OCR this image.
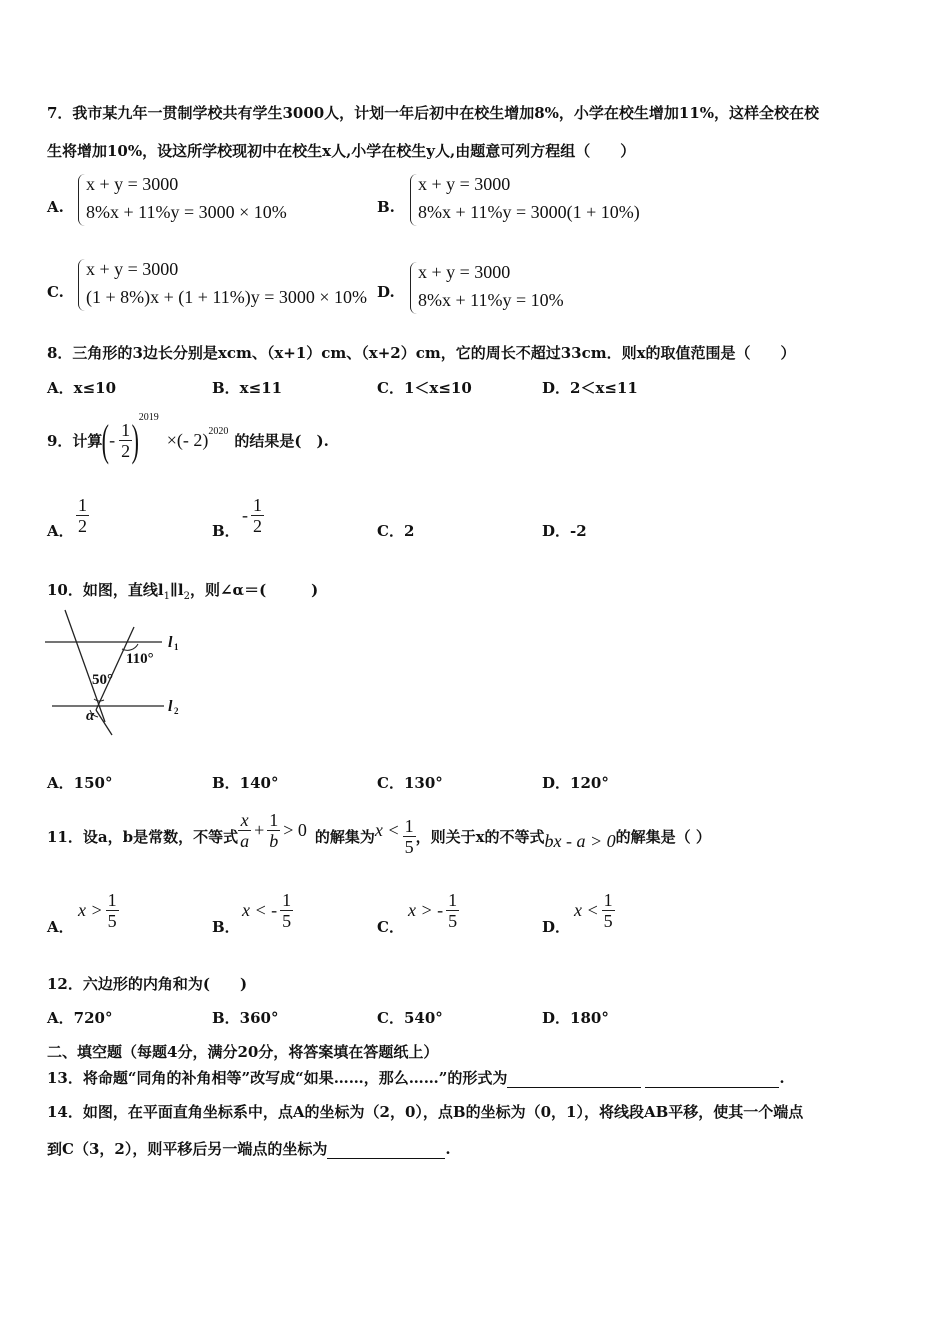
7．我市某九年一贯制学校共有学生3000人，计划一年后初中在校生增加8%，小学在校生增加11%，这样全校在校
生将增加10%，设这所学校现初中在校生x人,小学在校生y人,由题意可列方程组（　　）
A.
x + y = 3000
8%x + 11%y = 3000 × 10%	B.
x + y = 3000
8%x + 11%y = 3000(1 + 10%)
C.
x + y = 3000
(1 + 8%)x + (1 + 11%)y = 3000 × 10% D.
x + y = 3000
8%x + 11%y = 10%
8．三角形的3边长分别是xcm、（x+1）cm、（x+2）cm，它的周长不超过33cm．则x的取值范围是（　　）
A．x≤10	B．x≤11	C．1＜x≤10	D．2＜x≤11
9．计算 ( - $\frac{1}{2}$ ) 2019
×(- 2) 2020 的结果是(　).
A． $\frac{1}{2}$	B．
- $\frac{1}{2}$	C．2	D．-2
10．如图，直线$l_1\parallel l_2$，则∠α＝(　　　)
110°
50°
α
l 1
l 2
A．150°	B．140°	C．130°	D．120°
11．设a，b是常数，不等式 $\frac{x}{a} + \frac{1}{b} > 0$ 的解集为 $x < \frac{1}{5}$ ，则关于x的不等式 bx - a > 0 的解集是（ ）
A．
$x > \frac{1}{5}$	B．
x < - $\frac{1}{5}$	C．
x > - $\frac{1}{5}$	D．
$x < \frac{1}{5}$
12．六边形的内角和为(　　)
A．720°	B．360°	C．540°	D．180°
二、填空题（每题4分，满分20分，将答案填在答题纸上）
13．将命题“同角的补角相等”改写成“如果……，那么……”的形式为	.
14．如图，在平面直角坐标系中，点A的坐标为（2，0），点B的坐标为（0，1），将线段AB平移，使其一个端点
到C（3，2），则平移后另一端点的坐标为	.
